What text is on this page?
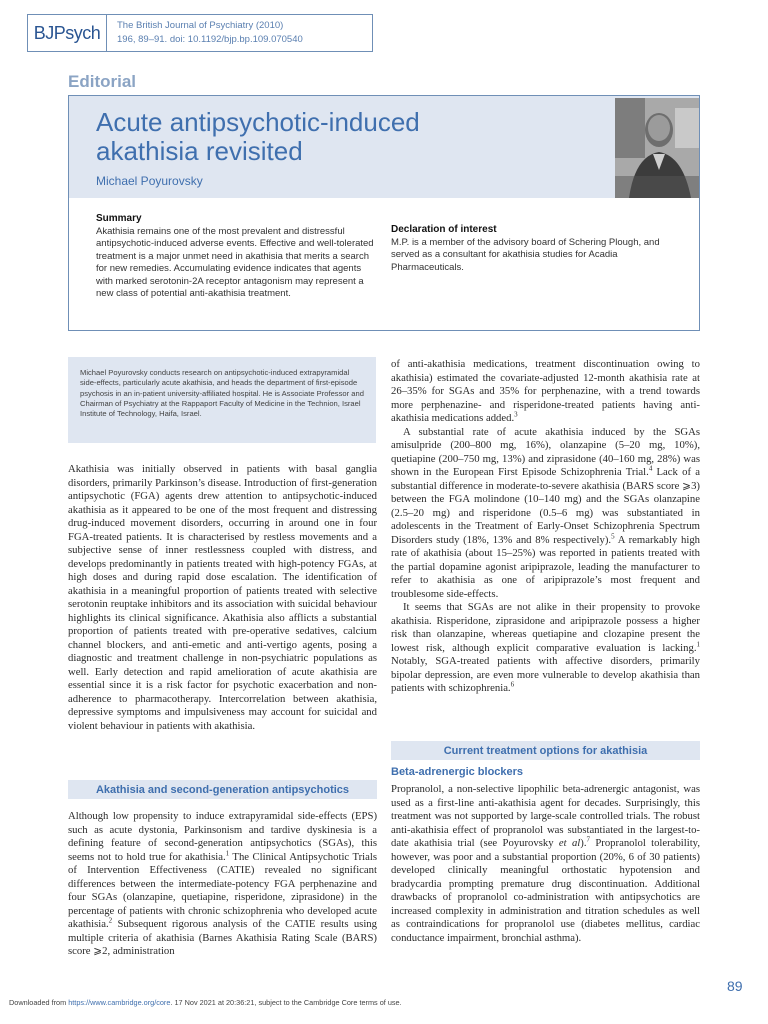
BJ Psych The British Journal of Psychiatry (2010)
196, 89–91. doi: 10.1192/bjp.bp.109.070540
Editorial
Acute antipsychotic-induced akathisia revisited
Michael Poyurovsky
Summary
Akathisia remains one of the most prevalent and distressful antipsychotic-induced adverse events. Effective and well-tolerated treatment is a major unmet need in akathisia that merits a search for new remedies. Accumulating evidence indicates that agents with marked serotonin-2A receptor antagonism may represent a new class of potential anti-akathisia treatment.
Declaration of interest
M.P. is a member of the advisory board of Schering Plough, and served as a consultant for akathisia studies for Acadia Pharmaceuticals.
Michael Poyurovsky conducts research on antipsychotic-induced extrapyramidal side-effects, particularly acute akathisia, and heads the department of first-episode psychosis in an in-patient university-affiliated hospital. He is Associate Professor and Chairman of Psychiatry at the Rappaport Faculty of Medicine in the Technion, Israel Institute of Technology, Haifa, Israel.

Akathisia was initially observed in patients with basal ganglia disorders, primarily Parkinson’s disease. Introduction of first-generation antipsychotic (FGA) agents drew attention to antipsychotic-induced akathisia as it appeared to be one of the most frequent and distressing drug-induced movement disorders, occurring in around one in four FGA-treated patients. It is characterised by restless movements and a subjective sense of inner restlessness coupled with distress, and develops predominantly in patients treated with high-potency FGAs, at high doses and during rapid dose escalation. The identification of akathisia in a meaningful proportion of patients treated with selective serotonin reuptake inhibitors and its association with suicidal behaviour highlights its clinical significance. Akathisia also afflicts a substantial proportion of patients treated with pre-operative sedatives, calcium channel blockers, and anti-emetic and anti-vertigo agents, posing a diagnostic and treatment challenge in non-psychiatric populations as well. Early detection and rapid amelioration of acute akathisia are essential since it is a risk factor for psychotic exacerbation and non-adherence to pharmacotherapy. Intercorrelation between akathisia, depressive symptoms and impulsiveness may account for suicidal and violent behaviour in patients with akathisia.

Akathisia and second-generation antipsychotics

Although low propensity to induce extrapyramidal side-effects (EPS) such as acute dystonia, Parkinsonism and tardive dyskinesia is a defining feature of second-generation antipsychotics (SGAs), this seems not to hold true for akathisia.$^1$ The Clinical Antipsychotic Trials of Intervention Effectiveness (CATIE) revealed no significant differences between the intermediate-potency FGA perphenazine and four SGAs (olanzapine, quetiapine, risperidone, ziprasidone) in the percentage of patients with chronic schizophrenia who developed acute akathisia.$^2$ Subsequent rigorous analysis of the CATIE results using multiple criteria of akathisia (Barnes Akathisia Rating Scale (BARS) score ⩾2, administration

of anti-akathisia medications, treatment discontinuation owing to akathisia) estimated the covariate-adjusted 12-month akathisia rate at 26–35% for SGAs and 35% for perphenazine, with a trend towards more perphenazine- and risperidone-treated patients having anti-akathisia medications added.$^3$

A substantial rate of acute akathisia induced by the SGAs amisulpride (200–800 mg, 16%), olanzapine (5–20 mg, 10%), quetiapine (200–750 mg, 13%) and ziprasidone (40–160 mg, 28%) was shown in the European First Episode Schizophrenia Trial.$^4$ Lack of a substantial difference in moderate-to-severe akathisia (BARS score ⩾3) between the FGA molindone (10–140 mg) and the SGAs olanzapine (2.5–20 mg) and risperidone (0.5–6 mg) was substantiated in adolescents in the Treatment of Early-Onset Schizophrenia Spectrum Disorders study (18%, 13% and 8% respectively).$^5$ A remarkably high rate of akathisia (about 15–25%) was reported in patients treated with the partial dopamine agonist aripiprazole, leading the manufacturer to refer to akathisia as one of aripiprazole’s most frequent and troublesome side-effects.

It seems that SGAs are not alike in their propensity to provoke akathisia. Risperidone, ziprasidone and aripiprazole possess a higher risk than olanzapine, whereas quetiapine and clozapine present the lowest risk, although explicit comparative evaluation is lacking.$^1$ Notably, SGA-treated patients with affective disorders, primarily bipolar depression, are even more vulnerable to develop akathisia than patients with schizophrenia.$^6$

Current treatment options for akathisia
Beta-adrenergic blockers

Propranolol, a non-selective lipophilic beta-adrenergic antagonist, was used as a first-line anti-akathisia agent for decades. Surprisingly, this treatment was not supported by large-scale controlled trials. The robust anti-akathisia effect of propranolol was substantiated in the largest-to-date akathisia trial (see Poyurovsky et al).$^7$ Propranolol tolerability, however, was poor and a substantial proportion (20%, 6 of 30 patients) developed clinically meaningful orthostatic hypotension and bradycardia prompting premature drug discontinuation. Additional drawbacks of propranolol co-administration with antipsychotics are increased complexity in administration and titration schedules as well as contraindications for propranolol use (diabetes mellitus, cardiac conductance impairment, bronchial asthma).

89
Downloaded from https://www.cambridge.org/core. 17 Nov 2021 at 20:36:21, subject to the Cambridge Core terms of use.
